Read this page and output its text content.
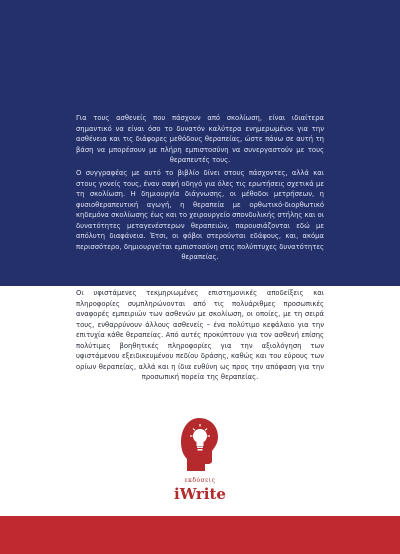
Για τους ασθενείς που πάσχουν από σκολίωση, είναι ιδιαίτερα σημαντικό να είναι όσο το δυνατόν καλύτερα ενημερωμένοι για την ασθένεια και τις διάφορες μεθόδους θεραπείας, ώστε πάνω σε αυτή τη βάση να μπορέσουν με πλήρη εμπιστοσύνη να συνεργαστούν με τους θεραπευτές τους.

Ο συγγραφέας με αυτό το βιβλίο δίνει στους πάσχοντες, αλλά και στους γονείς τους, έναν σαφή οδηγό για όλες τις ερωτήσεις σχετικά με τη σκολίωση. Η δημιουργία διάγνωσης, οι μέθοδοι μετρήσεων, η φυσιοθεραπευτική αγωγή, η θεραπεία με ορθωτικό-διορθωτικό κηδεμόνα σκολίωσης έως και το χειρουργείο σπονδυλικής στήλης και οι δυνατότητες μεταγενέστερων θεραπειών, παρουσιάζονται εδώ με απόλυτη διαφάνεια. Έτσι, οι φόβοι στερούνται εδάφους, και, ακόμα περισσότερο, δημιουργείται εμπιστοσύνη στις πολύπτυχες δυνατότητες θεραπείας.

Οι υφιστάμενες τεκμηριωμένες επιστημονικές αποδείξεις και πληροφορίες συμπληρώνονται από τις πολυάριθμες προσωπικές αναφορές εμπειριών των ασθενών με σκολίωση, οι οποίες, με τη σειρά τους, ενθαρρύνουν άλλους ασθενείς – ένα πολύτιμο κεφάλαιο για την επιτυχία κάθε θεραπείας. Από αυτές προκύπτουν για τον ασθενή επίσης πολύτιμες βοηθητικές πληροφορίες για την αξιολόγηση των υφιστάμενου εξειδικευμένου πεδίου δράσης, καθώς και του εύρους των ορίων θεραπείας, αλλά και η ίδια ευθύνη ως προς την απόφαση για την προσωπική πορεία της θεραπείας.

εκδόσεις
iWrite
